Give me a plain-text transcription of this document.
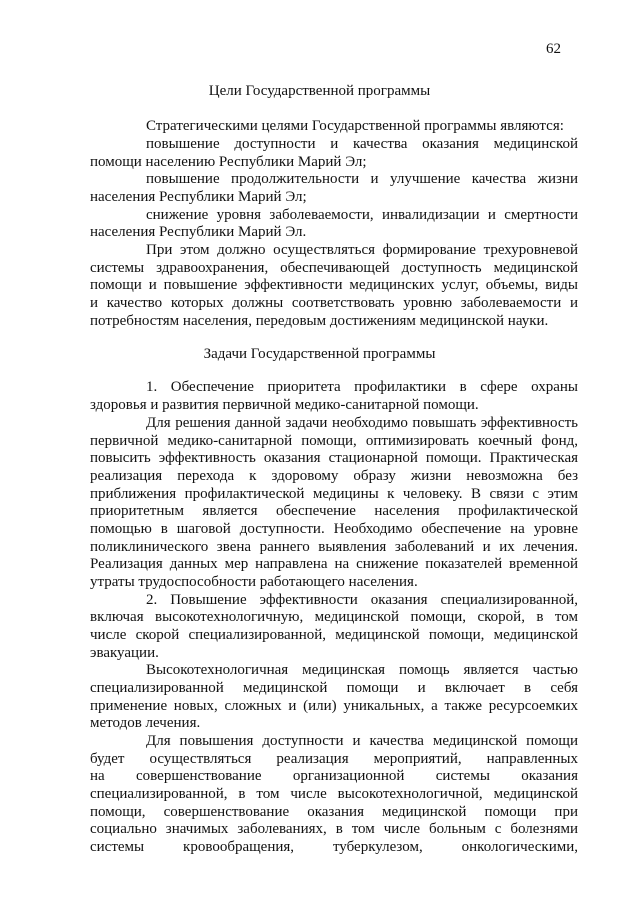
62
Цели Государственной программы
Стратегическими целями Государственной программы являются:
повышение доступности и качества оказания медицинской
помощи населению Республики Марий Эл;
повышение продолжительности и улучшение качества жизни
населения Республики Марий Эл;
снижение уровня заболеваемости, инвалидизации и смертности
населения Республики Марий Эл.
При этом должно осуществляться формирование трехуровневой
системы здравоохранения, обеспечивающей доступность медицинской
помощи и повышение эффективности медицинских услуг, объемы, виды
и качество которых должны соответствовать уровню заболеваемости и
потребностям населения, передовым достижениям медицинской науки.
Задачи Государственной программы
1. Обеспечение приоритета профилактики в сфере охраны
здоровья и развития первичной медико-санитарной помощи.
Для решения данной задачи необходимо повышать эффективность
первичной медико-санитарной помощи, оптимизировать коечный фонд,
повысить эффективность оказания стационарной помощи. Практическая
реализация перехода к здоровому образу жизни невозможна без
приближения профилактической медицины к человеку. В связи с этим
приоритетным является обеспечение населения профилактической
помощью в шаговой доступности. Необходимо обеспечение на уровне
поликлинического звена раннего выявления заболеваний и их лечения.
Реализация данных мер направлена на снижение показателей временной
утраты трудоспособности работающего населения.
2. Повышение эффективности оказания специализированной,
включая высокотехнологичную, медицинской помощи, скорой, в том
числе скорой специализированной, медицинской помощи, медицинской
эвакуации.
Высокотехнологичная медицинская помощь является частью
специализированной медицинской помощи и включает в себя
применение новых, сложных и (или) уникальных, а также ресурсоемких
методов лечения.
Для повышения доступности и качества медицинской помощи
будет осуществляться реализация мероприятий, направленных
на совершенствование организационной системы оказания
специализированной, в том числе высокотехнологичной, медицинской
помощи, совершенствование оказания медицинской помощи при
социально значимых заболеваниях, в том числе больным с болезнями
системы кровообращения, туберкулезом, онкологическими,
